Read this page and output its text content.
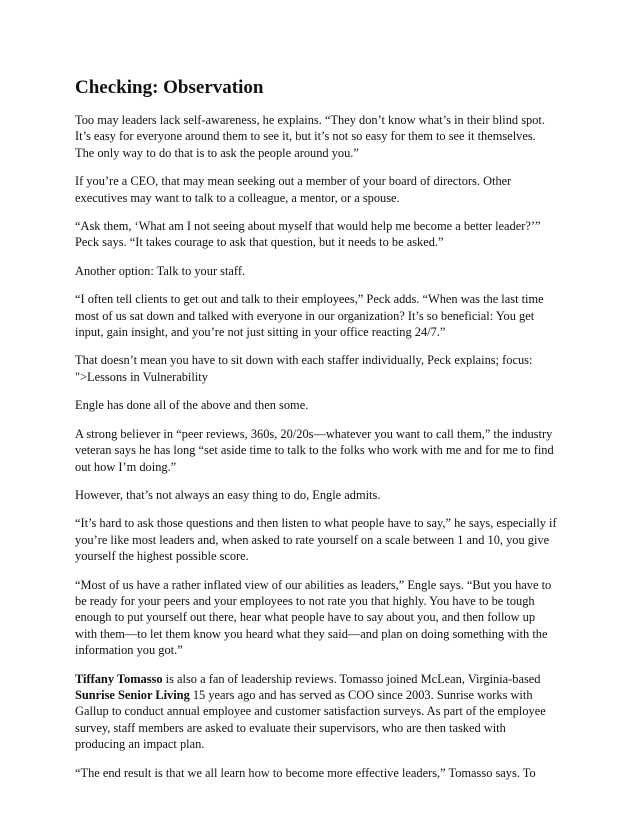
Checking: Observation

Too may leaders lack self-awareness, he explains. “They don’t know what’s in their blind spot.
It’s easy for everyone around them to see it, but it’s not so easy for them to see it themselves.
The only way to do that is to ask the people around you.”

If you’re a CEO, that may mean seeking out a member of your board of directors. Other
executives may want to talk to a colleague, a mentor, or a spouse.

“Ask them, ‘What am I not seeing about myself that would help me become a better leader?’”
Peck says. “It takes courage to ask that question, but it needs to be asked.”

Another option: Talk to your staff.

“I often tell clients to get out and talk to their employees,” Peck adds. “When was the last time
most of us sat down and talked with everyone in our organization? It’s so beneficial: You get
input, gain insight, and you’re not just sitting in your office reacting 24/7.”

That doesn’t mean you have to sit down with each staffer individually, Peck explains; focus:
">Lessons in Vulnerability

Engle has done all of the above and then some.

A strong believer in “peer reviews, 360s, 20/20s—whatever you want to call them,” the industry
veteran says he has long “set aside time to talk to the folks who work with me and for me to find
out how I’m doing.”

However, that’s not always an easy thing to do, Engle admits.

“It’s hard to ask those questions and then listen to what people have to say,” he says, especially if
you’re like most leaders and, when asked to rate yourself on a scale between 1 and 10, you give
yourself the highest possible score.

“Most of us have a rather inflated view of our abilities as leaders,” Engle says. “But you have to
be ready for your peers and your employees to not rate you that highly. You have to be tough
enough to put yourself out there, hear what people have to say about you, and then follow up
with them—to let them know you heard what they said—and plan on doing something with the
information you got.”

Tiffany Tomasso is also a fan of leadership reviews. Tomasso joined McLean, Virginia-based
Sunrise Senior Living 15 years ago and has served as COO since 2003. Sunrise works with
Gallup to conduct annual employee and customer satisfaction surveys. As part of the employee
survey, staff members are asked to evaluate their supervisors, who are then tasked with
producing an impact plan.

“The end result is that we all learn how to become more effective leaders,” Tomasso says. To
